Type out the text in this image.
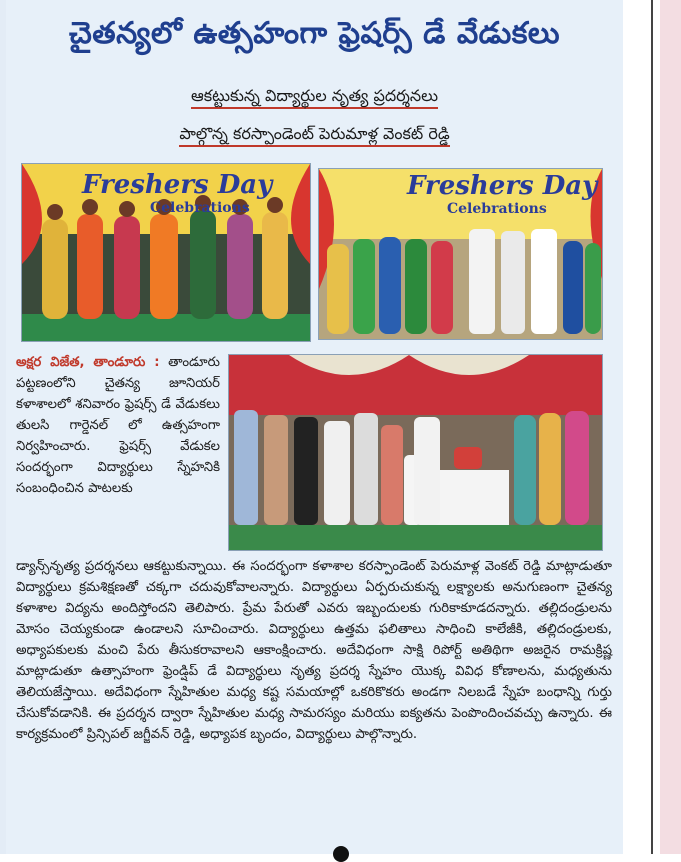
చైతన్యలో ఉత్సహంగా ఫ్రెషర్స్ డే వేడుకలు
ఆకట్టుకున్న విద్యార్థుల నృత్య ప్రదర్శనలు
పాల్గొన్న కరస్పాండెంట్ పెరుమాళ్ల వెంకట్ రెడ్డి
Freshers Day
Celebrations
Freshers Day
Celebrations
అక్షర విజేత, తాండూరు : తాండూరు పట్టణంలోని చైతన్య జూనియర్ కళాశాలలో శనివారం ఫ్రెషర్స్ డే వేడుకలు తులసి గార్డెనల్ లో ఉత్సహంగా నిర్వహించారు. ఫ్రెషర్స్ వేడుకల సందర్భంగా విద్యార్థులు స్నేహనికి సంబంధించిన పాటలకు
డ్యాన్స్‌నృత్య ప్రదర్శనలు ఆకట్టుకున్నాయి. ఈ సందర్భంగా కళాశాల కరస్పాండెంట్ పెరుమాళ్ల వెంకట్ రెడ్డి మాట్లాడుతూ విద్యార్థులు క్రమశిక్షణతో చక్కగా చదువుకోవాలన్నారు. విద్యార్థులు ఏర్పరుచుకున్న లక్ష్యాలకు అనుగుణంగా చైతన్య కళాశాల విద్యను అందిస్తోందని తెలిపారు. ప్రేమ పేరుతో ఎవరు ఇబ్బందులకు గురికాకూడదన్నారు. తల్లిదండ్రులను మోసం చెయ్యకుండా ఉండాలని సూచించారు. విద్యార్థులు ఉత్తమ ఫలితాలు సాధించి కాలేజీకి, తల్లిదండ్రులకు, అధ్యాపకులకు మంచి పేరు తీసుకరావాలని ఆకాంక్షించారు. అదేవిధంగా సాక్షి రిపోర్ట్ అతిథిగా అజరైన రామక్రిష్ణ మాట్లాడుతూ ఉత్సాహంగా ఫ్రెండ్షిప్ డే విద్యార్థులు నృత్య ప్రదర్శ స్నేహం యొక్క వివిధ కోణాలను, మధ్యతును తెలియజేస్తాయి. అదేవిధంగా స్నేహితుల మధ్య కష్ట సమయాల్లో ఒకరికొకరు అండగా నిలబడే స్నేహ బంధాన్ని గుర్తు చేసుకోవడానికి. ఈ ప్రదర్శన ద్వారా స్నేహితుల మధ్య సామరస్యం మరియు ఐక్యతను పెంపొందించవచ్చు ఉన్నారు. ఈ కార్యక్రమంలో ప్రిన్సిపల్ జగ్జీవన్ రెడ్డి, అధ్యాపక బృందం, విద్యార్థులు పాల్గొన్నారు.
